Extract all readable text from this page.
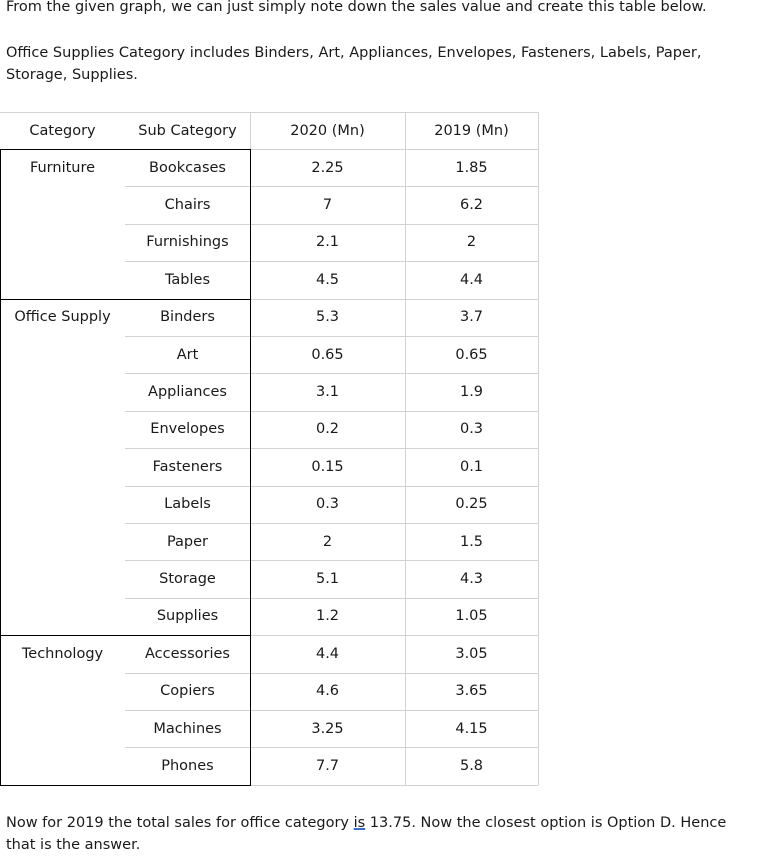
From the given graph, we can just simply note down the sales value and create this table below.

Office Supplies Category includes Binders, Art, Appliances, Envelopes, Fasteners, Labels, Paper,
Storage, Supplies.
Category	Sub Category	2020 (Mn)	2019 (Mn)
Furniture	Bookcases	2.25	1.85
Chairs	7	6.2
Furnishings	2.1	2
Tables	4.5	4.4
Office Supply	Binders	5.3	3.7
Art	0.65	0.65
Appliances	3.1	1.9
Envelopes	0.2	0.3
Fasteners	0.15	0.1
Labels	0.3	0.25
Paper	2	1.5
Storage	5.1	4.3
Supplies	1.2	1.05
Technology	Accessories	4.4	3.05
Copiers	4.6	3.65
Machines	3.25	4.15
Phones	7.7	5.8
Now for 2019 the total sales for office category is 13.75. Now the closest option is Option D. Hence
that is the answer.
